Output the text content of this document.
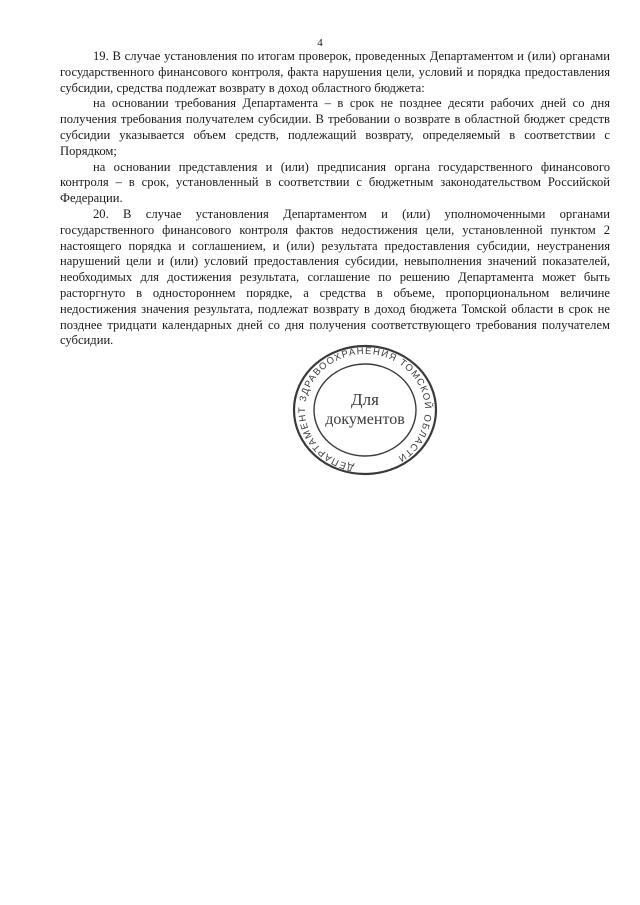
4

19. В случае установления по итогам проверок, проведенных Департаментом и (или) органами государственного финансового контроля, факта нарушения цели, условий и порядка предоставления субсидии, средства подлежат возврату в доход областного бюджета:

на основании требования Департамента – в срок не позднее десяти рабочих дней со дня получения требования получателем субсидии. В требовании о возврате в областной бюджет средств субсидии указывается объем средств, подлежащий возврату, определяемый в соответствии с Порядком;

на основании представления и (или) предписания органа государственного финансового контроля – в срок, установленный в соответствии с бюджетным законодательством Российской Федерации.

20. В случае установления Департаментом и (или) уполномоченными органами государственного финансового контроля фактов недостижения цели, установленной пунктом 2 настоящего порядка и соглашением, и (или) результата предоставления субсидии, неустранения нарушений цели и (или) условий предоставления субсидии, невыполнения значений показателей, необходимых для достижения результата, соглашение по решению Департамента может быть расторгнуто в одностороннем порядке, а средства в объеме, пропорциональном величине недостижения значения результата, подлежат возврату в доход бюджета Томской области в срок не позднее тридцати календарных дней со дня получения соответствующего требования получателем субсидии.

ДЕПАРТАМЕНТ ЗДРАВООХРАНЕНИЯ ТОМСКОЙ ОБЛАСТИ
Для
документов
